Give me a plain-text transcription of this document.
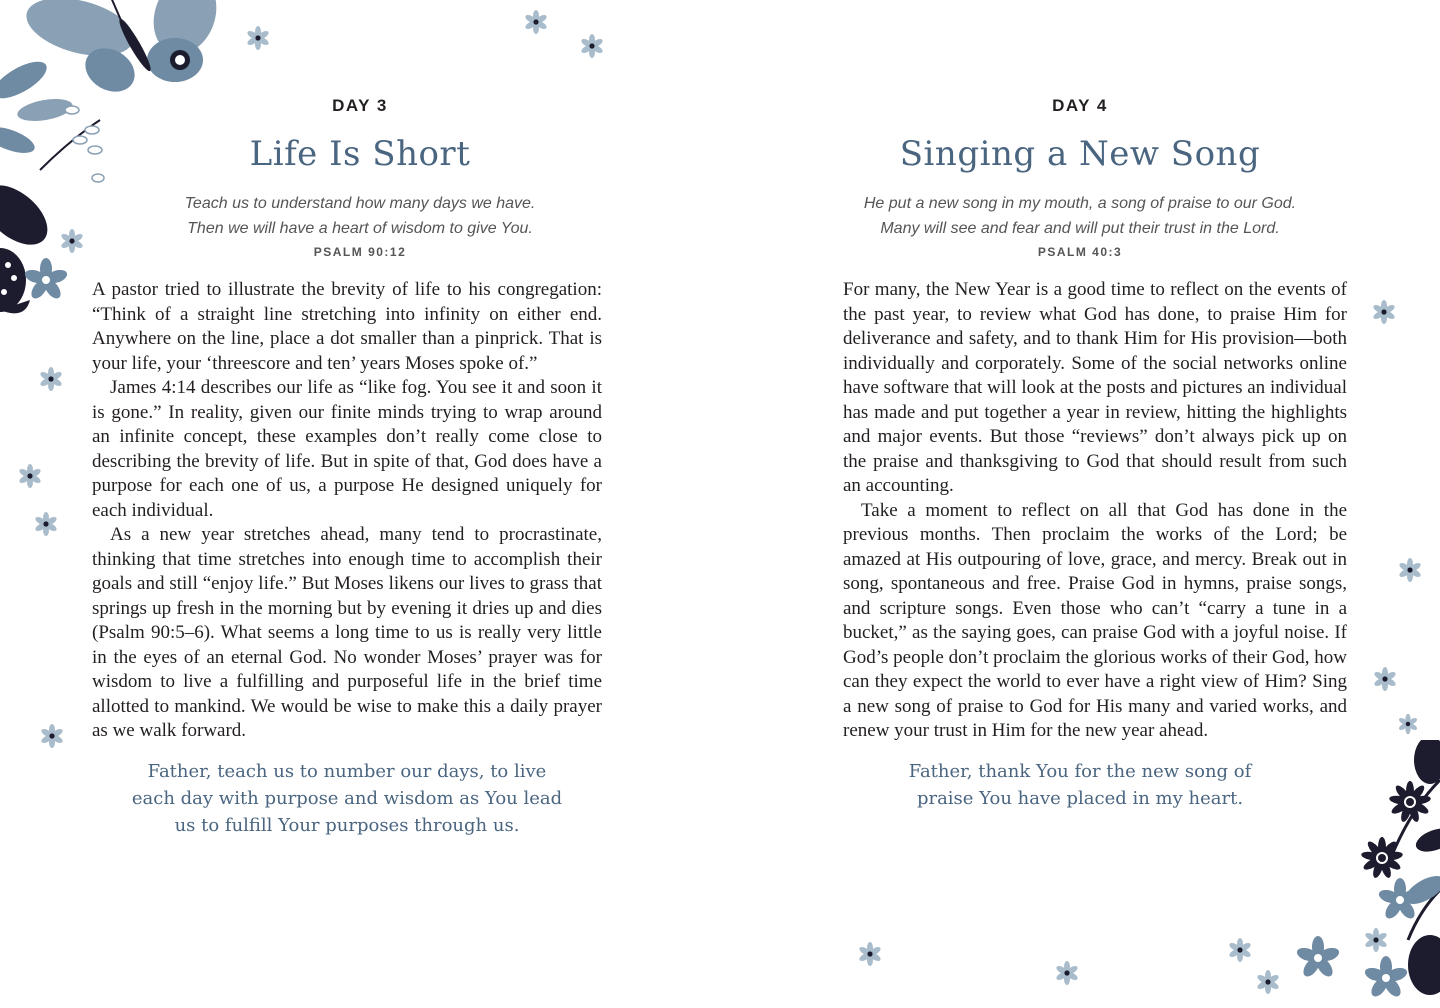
DAY 3
Life Is Short
Teach us to understand how many days we have.
Then we will have a heart of wisdom to give You.
PSALM 90:12

A pastor tried to illustrate the brevity of life to his congregation: “Think of a straight line stretching into infinity on either end. Anywhere on the line, place a dot smaller than a pinprick. That is your life, your ‘threescore and ten’ years Moses spoke of.”

James 4:14 describes our life as “like fog. You see it and soon it is gone.” In reality, given our finite minds trying to wrap around an infinite concept, these examples don’t really come close to describing the brevity of life. But in spite of that, God does have a purpose for each one of us, a purpose He designed uniquely for each individual.

As a new year stretches ahead, many tend to procrastinate, thinking that time stretches into enough time to accomplish their goals and still “enjoy life.” But Moses likens our lives to grass that springs up fresh in the morning but by evening it dries up and dies (Psalm 90:5–6). What seems a long time to us is really very little in the eyes of an eternal God. No wonder Moses’ prayer was for wisdom to live a fulfilling and purposeful life in the brief time allotted to mankind. We would be wise to make this a daily prayer as we walk forward.

Father, teach us to number our days, to live
each day with purpose and wisdom as You lead
us to fulfill Your purposes through us.
DAY 4
Singing a New Song
He put a new song in my mouth, a song of praise to our God.
Many will see and fear and will put their trust in the Lord.
PSALM 40:3

For many, the New Year is a good time to reflect on the events of the past year, to review what God has done, to praise Him for deliverance and safety, and to thank Him for His provision—both individually and corporately. Some of the social networks online have software that will look at the posts and pictures an individual has made and put together a year in review, hitting the highlights and major events. But those “reviews” don’t always pick up on the praise and thanksgiving to God that should result from such an accounting.

Take a moment to reflect on all that God has done in the previous months. Then proclaim the works of the Lord; be amazed at His outpouring of love, grace, and mercy. Break out in song, spontaneous and free. Praise God in hymns, praise songs, and scripture songs. Even those who can’t “carry a tune in a bucket,” as the saying goes, can praise God with a joyful noise. If God’s people don’t proclaim the glorious works of their God, how can they expect the world to ever have a right view of Him? Sing a new song of praise to God for His many and varied works, and renew your trust in Him for the new year ahead.

Father, thank You for the new song of
praise You have placed in my heart.
